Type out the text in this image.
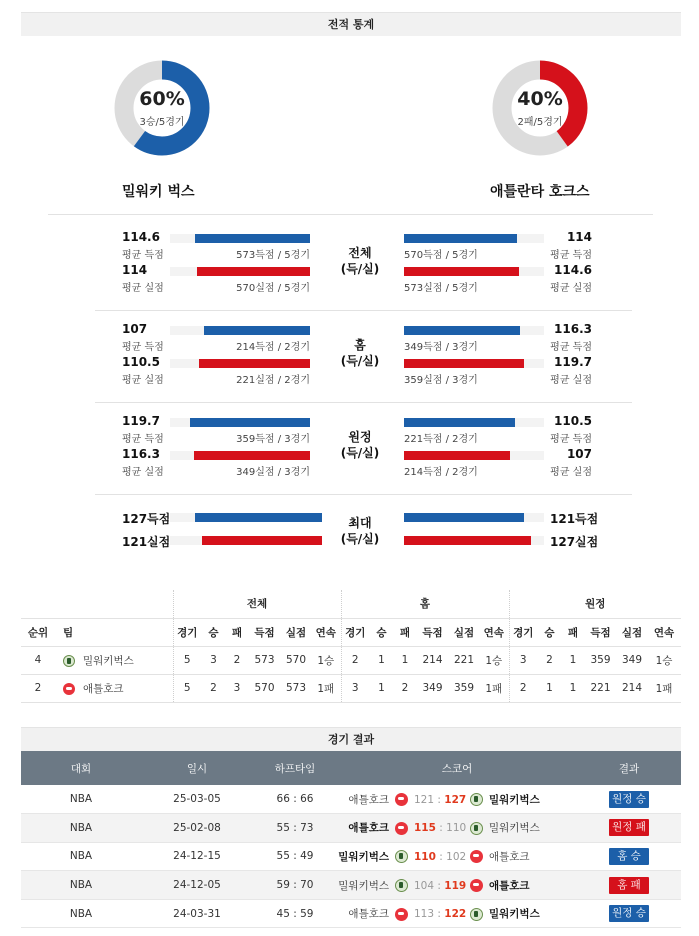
전적 통계
60%
3승/5경기
40%
2패/5경기
밀워키 벅스	애틀란타 호크스
114.6
평균 득점	573득점 / 5경기
114
평균 실점	570실점 / 5경기
전체
(득/실)
570득점 / 5경기
114
평균 득점
573실점 / 5경기
114.6
평균 실점
107
평균 득점	214득점 / 2경기
110.5
평균 실점	221실점 / 2경기
홈
(득/실)
349득점 / 3경기
116.3
평균 득점
359실점 / 3경기
119.7
평균 실점
119.7
평균 득점	359득점 / 3경기
116.3
평균 실점	349실점 / 3경기
원정
(득/실)
221득점 / 2경기
110.5
평균 득점
214득점 / 2경기
107
평균 실점
127득점
121실점
최대
(득/실)
121득점
127실점
		전체						홈						원정					
순위	팀	경기	승	패	득점	실점	연속	경기	승	패	득점	실점	연속	경기	승	패	득점	실점	연속
4	밀워키벅스	5	3	2	573	570	1승	2	1	1	214	221	1승	3	2	1	359	349	1승
2	애틀호크	5	2	3	570	573	1패	3	1	2	349	359	1패	2	1	1	221	214	1패
경기 결과
대회	일시	하프타임	스코어	결과
NBA	25-03-05	66 : 66	애틀호크 121 : 127 밀워키벅스	원정 승
NBA	25-02-08	55 : 73	애틀호크 115 : 110 밀워키벅스	원정 패
NBA	24-12-15	55 : 49	밀워키벅스 110 : 102 애틀호크	홈 승
NBA	24-12-05	59 : 70	밀워키벅스 104 : 119 애틀호크	홈 패
NBA	24-03-31	45 : 59	애틀호크 113 : 122 밀워키벅스	원정 승
